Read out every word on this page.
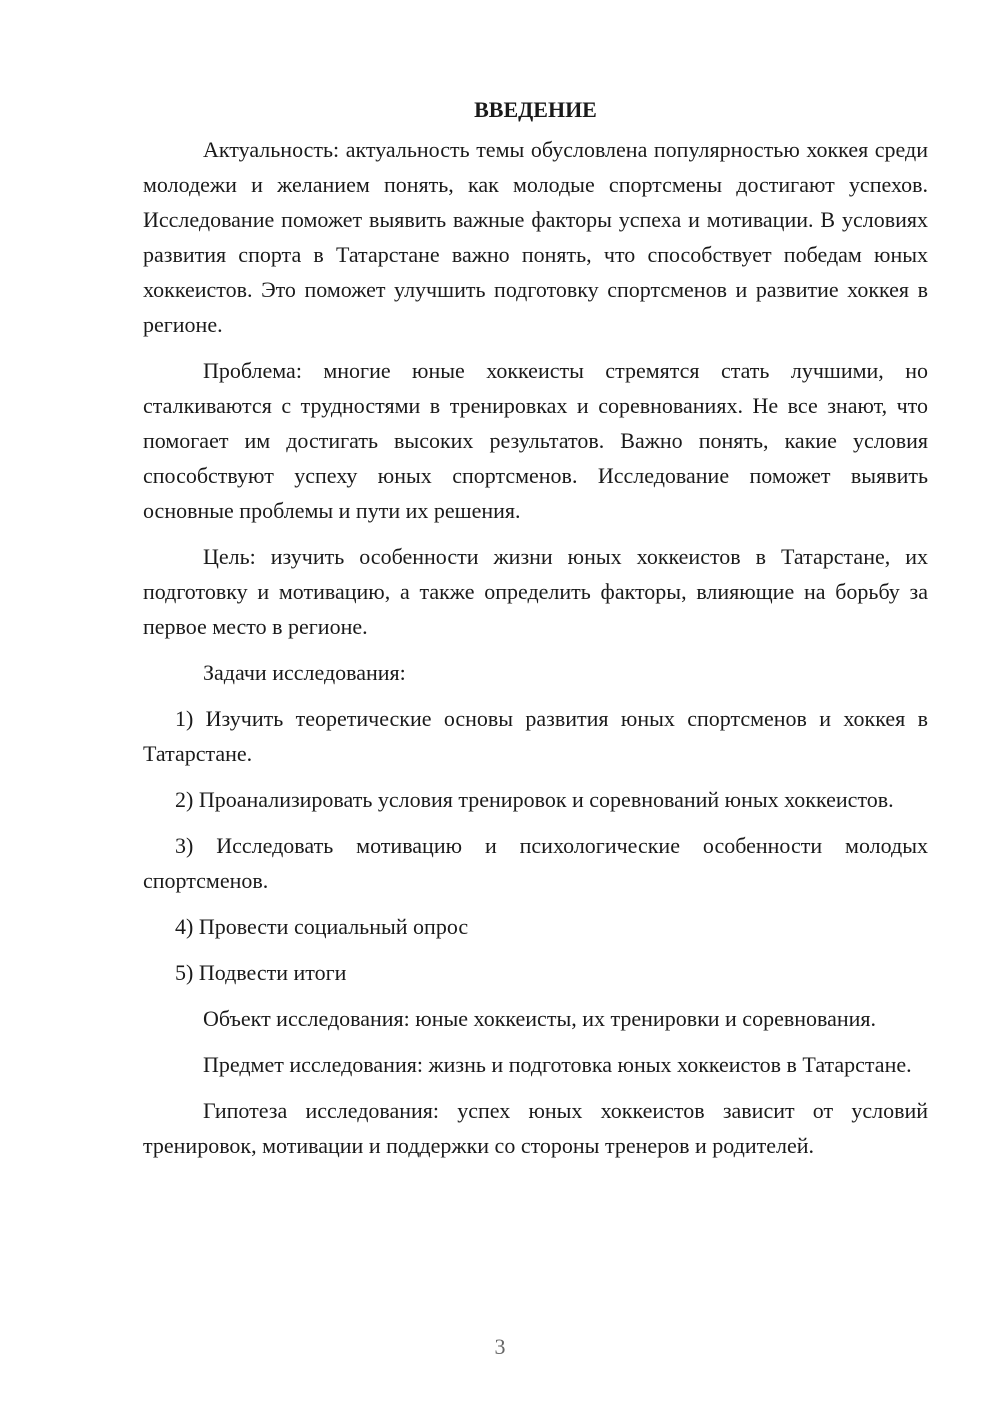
ВВЕДЕНИЕ

Актуальность: актуальность темы обусловлена популярностью хоккея среди молодежи и желанием понять, как молодые спортсмены достигают успехов. Исследование поможет выявить важные факторы успеха и мотивации. В условиях развития спорта в Татарстане важно понять, что способствует победам юных хоккеистов. Это поможет улучшить подготовку спортсменов и развитие хоккея в регионе.

Проблема: многие юные хоккеисты стремятся стать лучшими, но сталкиваются с трудностями в тренировках и соревнованиях. Не все знают, что помогает им достигать высоких результатов. Важно понять, какие условия способствуют успеху юных спортсменов. Исследование поможет выявить основные проблемы и пути их решения.

Цель: изучить особенности жизни юных хоккеистов в Татарстане, их подготовку и мотивацию, а также определить факторы, влияющие на борьбу за первое место в регионе.

Задачи исследования:

1) Изучить теоретические основы развития юных спортсменов и хоккея в Татарстане.

2) Проанализировать условия тренировок и соревнований юных хоккеистов.

3) Исследовать мотивацию и психологические особенности молодых спортсменов.

4) Провести социальный опрос

5) Подвести итоги

Объект исследования: юные хоккеисты, их тренировки и соревнования.

Предмет исследования: жизнь и подготовка юных хоккеистов в Татарстане.

Гипотеза исследования: успех юных хоккеистов зависит от условий тренировок, мотивации и поддержки со стороны тренеров и родителей.

3
